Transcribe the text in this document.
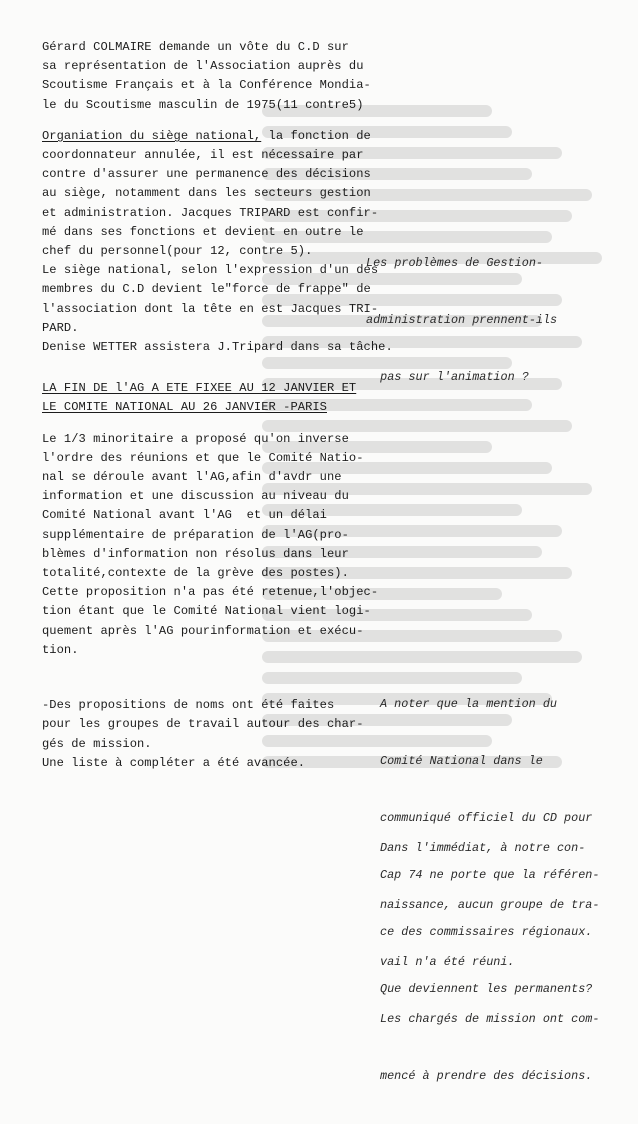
Gérard COLMAIRE demande un vôte du C.D sur
sa représentation de l'Association auprès du
Scoutisme Français et à la Conférence Mondia-
le du Scoutisme masculin de 1975(11 contre5)
Organiation du siège national, la fonction de
coordonnateur annulée, il est nécessaire par
contre d'assurer une permanence des décisions
au siège, notamment dans les secteurs gestion
et administration. Jacques TRIPARD est confir-
mé dans ses fonctions et devient en outre le
chef du personnel(pour 12, contre 5).
Le siège national, selon l'expression d'un des
membres du C.D devient le"force de frappe" de
l'association dont la tête en est Jacques TRI-
PARD.
Denise WETTER assistera J.Tripard dans sa tâche.
LA FIN DE l'AG A ETE FIXEE AU 12 JANVIER ET
LE COMITE NATIONAL AU 26 JANVIER -PARIS
Le 1/3 minoritaire a proposé qu'on inverse
l'ordre des réunions et que le Comité Natio-
nal se déroule avant l'AG,afin d'avdr une
information et une discussion au niveau du
Comité National avant l'AG  et un délai
supplémentaire de préparation de l'AG(pro-
blèmes d'information non résolus dans leur
totalité,contexte de la grève des postes).
Cette proposition n'a pas été retenue,l'objec-
tion étant que le Comité National vient logi-
quement après l'AG pourinformation et exécu-
tion.
-Des propositions de noms ont été faites
pour les groupes de travail autour des char-
gés de mission.
Une liste à compléter a été avancée.

Les problèmes de Gestion-

administration prennent-ils

pas sur l'animation ?

A noter que la mention du

Comité National dans le

communiqué officiel du CD pour

Cap 74 ne porte que la référen-

ce des commissaires régionaux.

Que deviennent les permanents?

Dans l'immédiat, à notre con-

naissance, aucun groupe de tra-

vail n'a été réuni.

Les chargés de mission ont com-

mencé à prendre des décisions.
